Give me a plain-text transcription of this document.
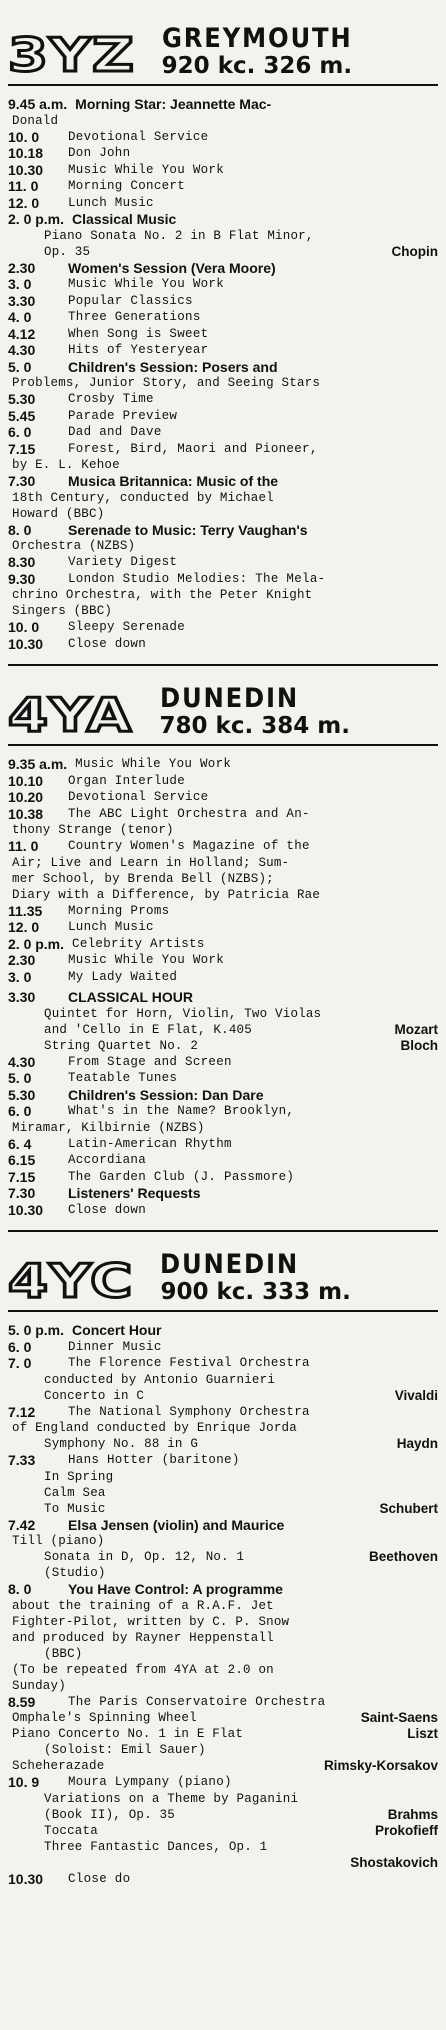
3YZ GREYMOUTH
920 kc. 326 m.
9.45 a.m. Morning Star: Jeannette Mac-
Donald
10. 0	Devotional Service
10.18	Don John
10.30	Music While You Work
11. 0	Morning Concert
12. 0	Lunch Music
2. 0 p.m. Classical Music
Piano Sonata No. 2 in B Flat Minor,
Op. 35	Chopin
2.30	Women's Session (Vera Moore)
3. 0	Music While You Work
3.30	Popular Classics
4. 0	Three Generations
4.12	When Song is Sweet
4.30	Hits of Yesteryear
5. 0	Children's Session: Posers and
Problems, Junior Story, and Seeing Stars
5.30	Crosby Time
5.45	Parade Preview
6. 0	Dad and Dave
7.15	Forest, Bird, Maori and Pioneer,
by E. L. Kehoe
7.30	Musica Britannica: Music of the
18th Century, conducted by Michael
Howard (BBC)
8. 0	Serenade to Music: Terry Vaughan's
Orchestra (NZBS)
8.30	Variety Digest
9.30	London Studio Melodies: The Mela-
chrino Orchestra, with the Peter Knight
Singers (BBC)
10. 0	Sleepy Serenade
10.30	Close down
4YA DUNEDIN
780 kc. 384 m.
9.35 a.m. Music While You Work
10.10	Organ Interlude
10.20	Devotional Service
10.38	The ABC Light Orchestra and An-
thony Strange (tenor)
11. 0	Country Women's Magazine of the
Air; Live and Learn in Holland; Sum-
mer School, by Brenda Bell (NZBS);
Diary with a Difference, by Patricia Rae
11.35	Morning Proms
12. 0	Lunch Music
2. 0 p.m. Celebrity Artists
2.30	Music While You Work
3. 0	My Lady Waited
3.30	CLASSICAL HOUR
Quintet for Horn, Violin, Two Violas
and 'Cello in E Flat, K.405	Mozart
String Quartet No. 2	Bloch
4.30	From Stage and Screen
5. 0	Teatable Tunes
5.30	Children's Session: Dan Dare
6. 0	What's in the Name? Brooklyn,
Miramar, Kilbirnie (NZBS)
6. 4	Latin-American Rhythm
6.15	Accordiana
7.15	The Garden Club (J. Passmore)
7.30	Listeners' Requests
10.30	Close down
4YC DUNEDIN
900 kc. 333 m.
5. 0 p.m. Concert Hour
6. 0	Dinner Music
7. 0	The Florence Festival Orchestra
conducted by Antonio Guarnieri
Concerto in C	Vivaldi
7.12	The National Symphony Orchestra
of England conducted by Enrique Jorda
Symphony No. 88 in G	Haydn
7.33	Hans Hotter (baritone)
In Spring
Calm Sea
To Music	Schubert
7.42	Elsa Jensen (violin) and Maurice
Till (piano)
Sonata in D, Op. 12, No. 1	Beethoven
(Studio)
8. 0	You Have Control: A programme
about the training of a R.A.F. Jet
Fighter-Pilot, written by C. P. Snow
and produced by Rayner Heppenstall
(BBC)
(To be repeated from 4YA at 2.0 on
Sunday)
8.59	The Paris Conservatoire Orchestra
Omphale's Spinning Wheel	Saint-Saens
Piano Concerto No. 1 in E Flat	Liszt
(Soloist: Emil Sauer)
Scheherazade	Rimsky-Korsakov
10. 9	Moura Lympany (piano)
Variations on a Theme by Paganini
(Book II), Op. 35	Brahms
Toccata	Prokofieff
Three Fantastic Dances, Op. 1
Shostakovich
10.30	Close do
